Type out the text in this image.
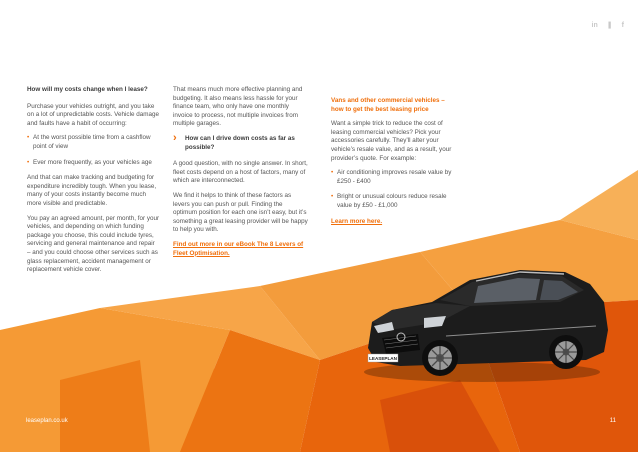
in ❚ f
LEASEPLAN

How will my costs change when I lease?

Purchase your vehicles outright, and you take on a lot of unpredictable costs. Vehicle damage and faults have a habit of occurring:

• At the worst possible time from a cashflow point of view
• Ever more frequently, as your vehicles age

And that can make tracking and budgeting for expenditure incredibly tough. When you lease, many of your costs instantly become much more visible and predictable.

You pay an agreed amount, per month, for your vehicles, and depending on which funding package you choose, this could include tyres, servicing and general maintenance and repair – and you could choose other services such as glass replacement, accident management or replacement vehicle cover.

That means much more effective planning and budgeting. It also means less hassle for your finance team, who only have one monthly invoice to process, not multiple invoices from multiple garages.

› How can I drive down costs as far as possible?

A good question, with no single answer. In short, fleet costs depend on a host of factors, many of which are interconnected.

We find it helps to think of these factors as levers you can push or pull. Finding the optimum position for each one isn’t easy, but it’s something a great leasing provider will be happy to help you with.

Find out more in our eBook The 8 Levers of Fleet Optimisation.

Vans and other commercial vehicles – how to get the best leasing price

Want a simple trick to reduce the cost of leasing commercial vehicles? Pick your accessories carefully. They’ll alter your vehicle’s resale value, and as a result, your provider’s quote. For example:

• Air conditioning improves resale value by £250 - £400
• Bright or unusual colours reduce resale value by £50 - £1,000

Learn more here.

leaseplan.co.uk	11
